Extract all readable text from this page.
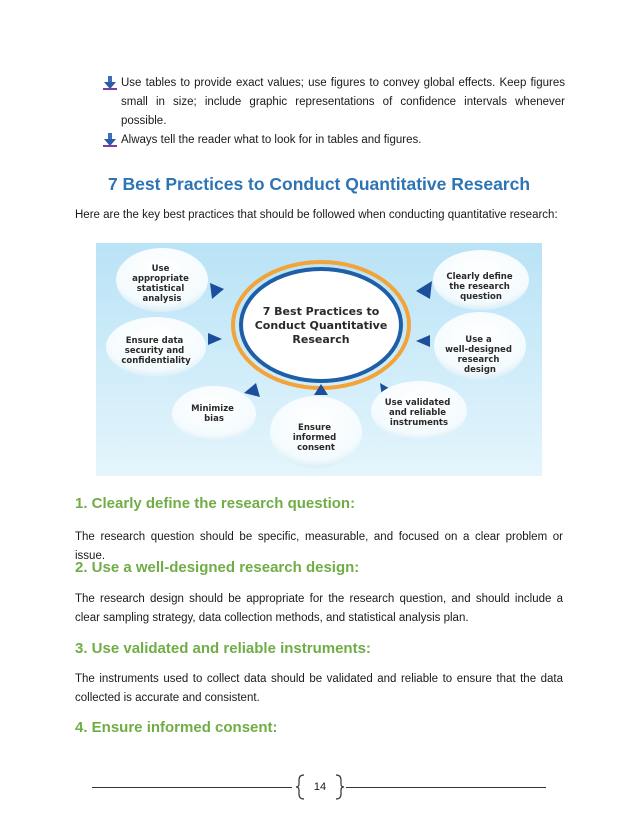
Use tables to provide exact values; use figures to convey global effects. Keep figures small in size; include graphic representations of confidence intervals whenever possible.
Always tell the reader what to look for in tables and figures.
7 Best Practices to Conduct Quantitative Research
Here are the key best practices that should be followed when conducting quantitative research:
7 Best Practices to
Conduct Quantitative
Research
Use appropriate statistical analysis
Clearly define the research question
Ensure data security and confidentiality
Use a well-designed research design
Minimize bias
Ensure informed consent
Use validated and reliable instruments
1. Clearly define the research question:
The research question should be specific, measurable, and focused on a clear problem or issue.
2. Use a well-designed research design:
The research design should be appropriate for the research question, and should include a clear sampling strategy, data collection methods, and statistical analysis plan.
3. Use validated and reliable instruments:
The instruments used to collect data should be validated and reliable to ensure that the data collected is accurate and consistent.
4. Ensure informed consent:
14
